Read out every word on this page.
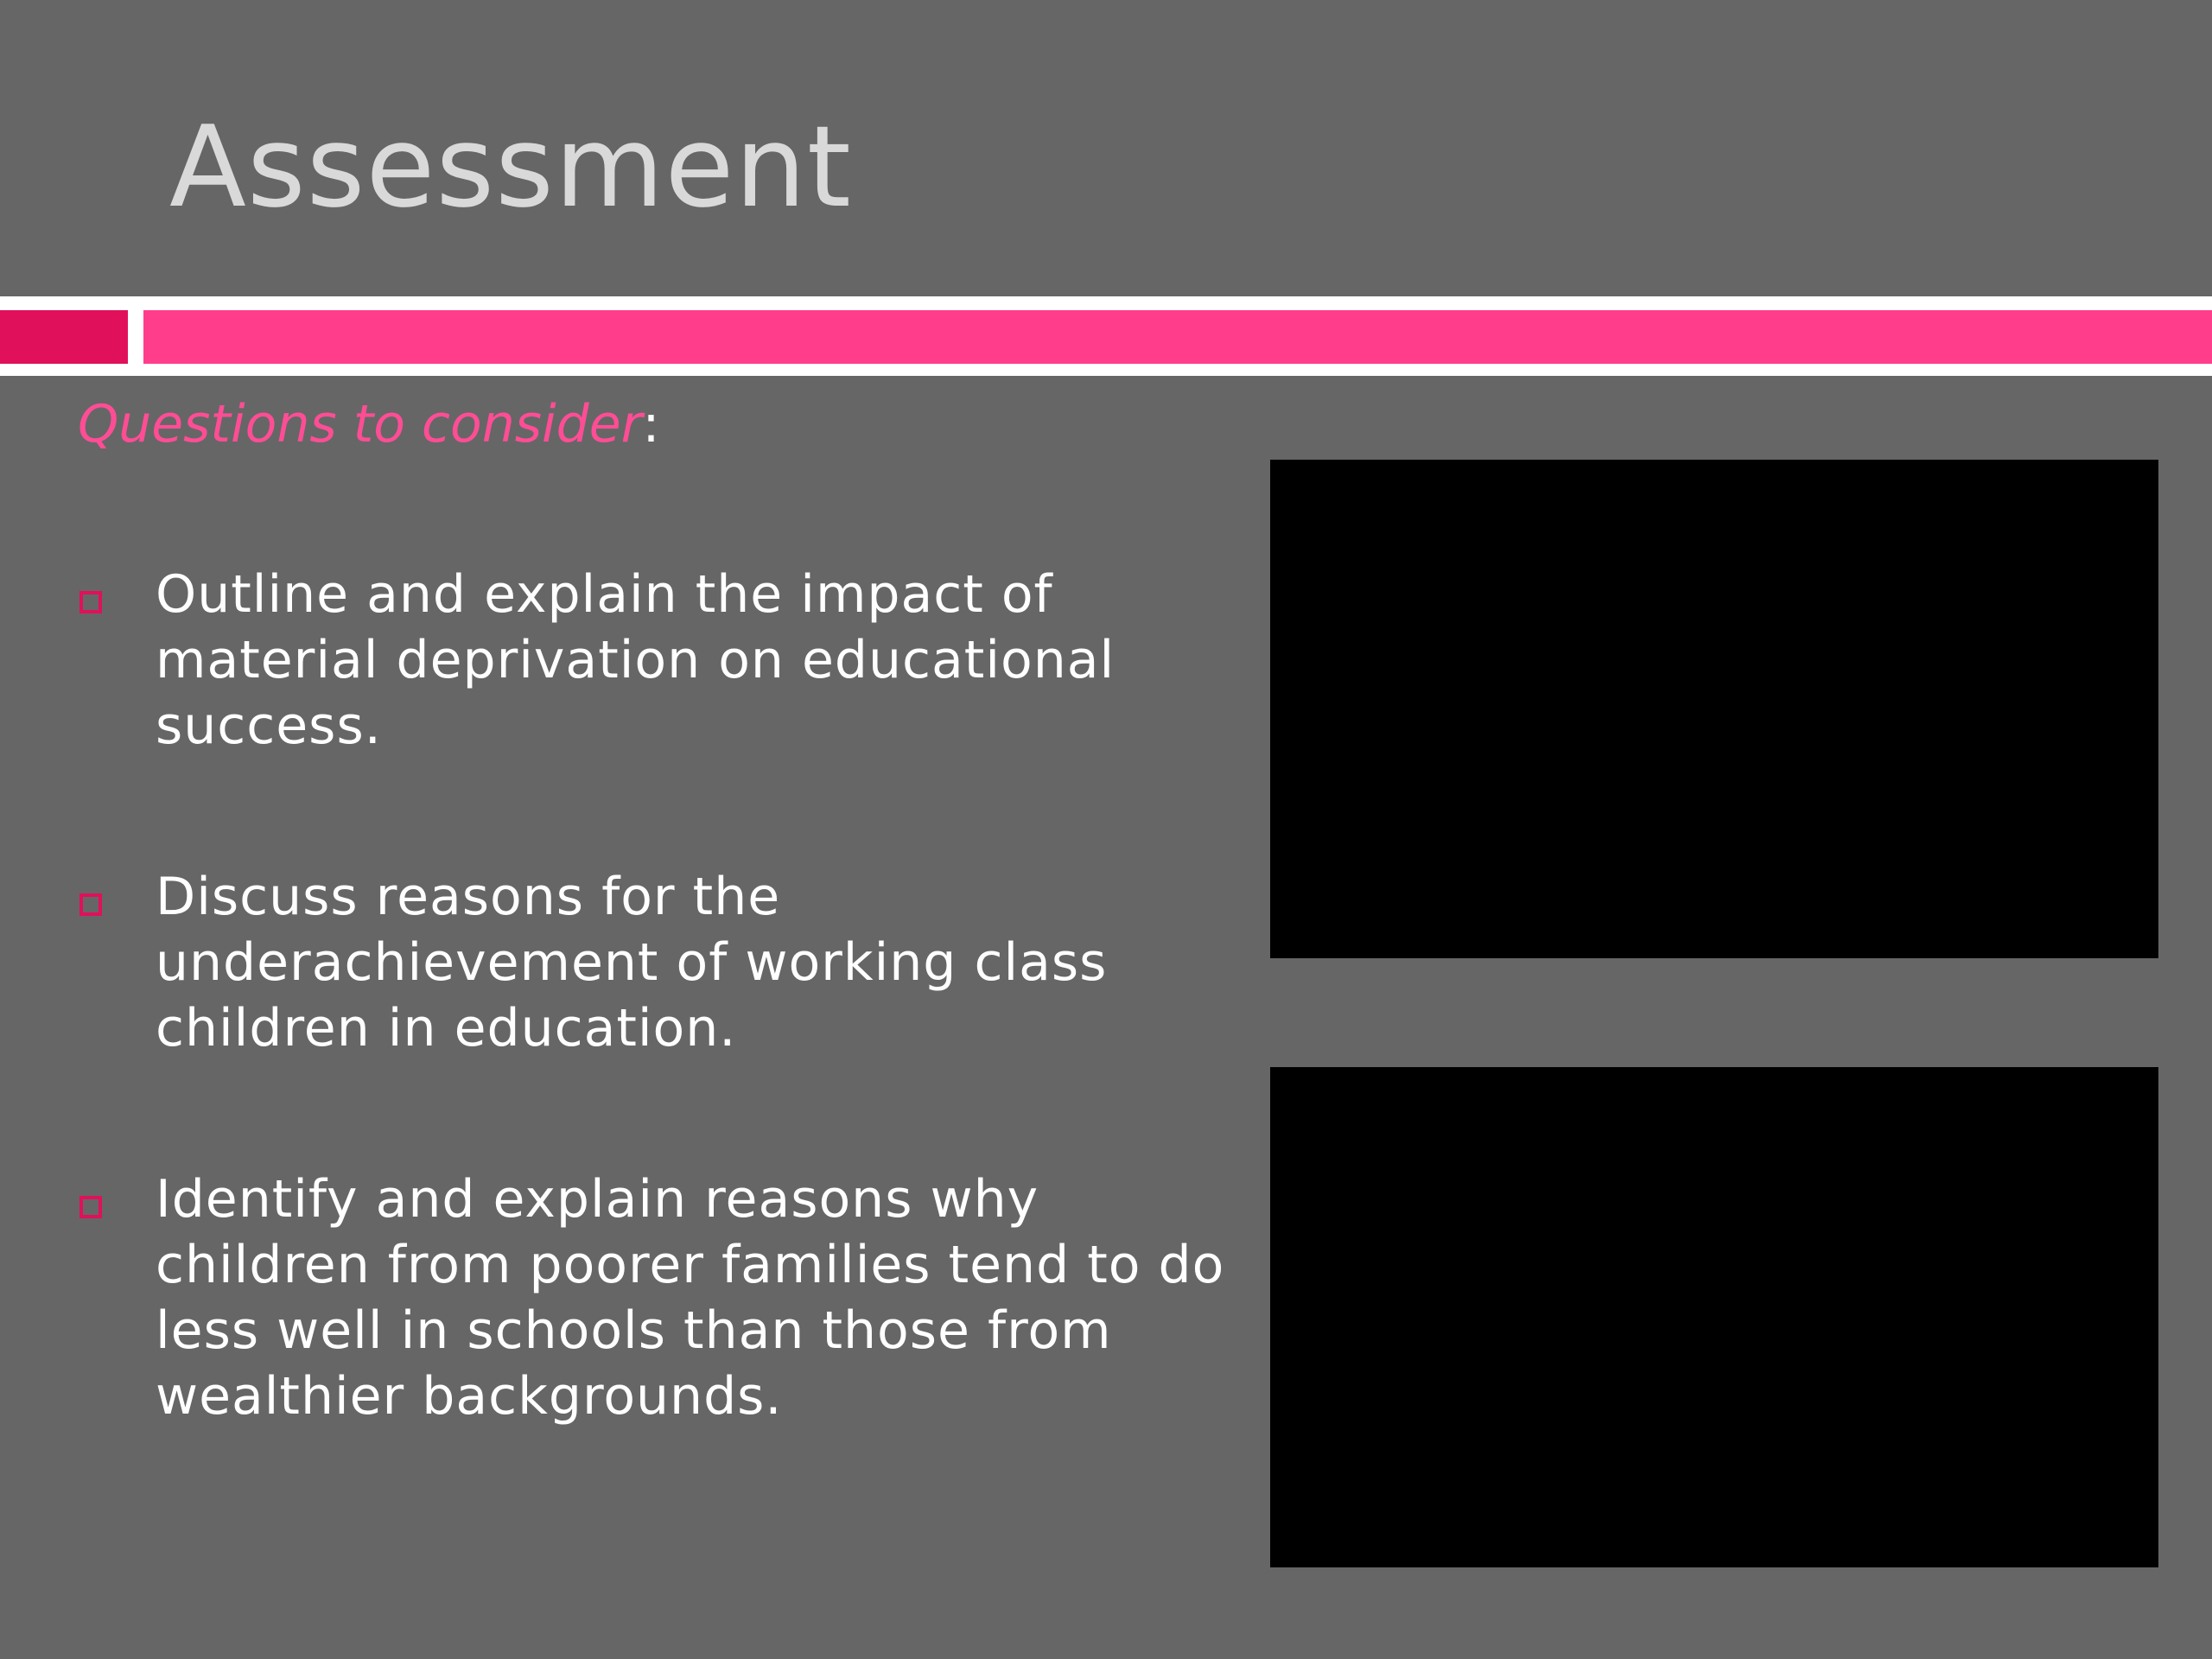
Assessment
Questions to consider:
Outline and explain the impact of material deprivation on educational success.
Discuss reasons for the underachievement of working class children in education.
Identify and explain reasons why children from poorer families tend to do less well in schools than those from wealthier backgrounds.
